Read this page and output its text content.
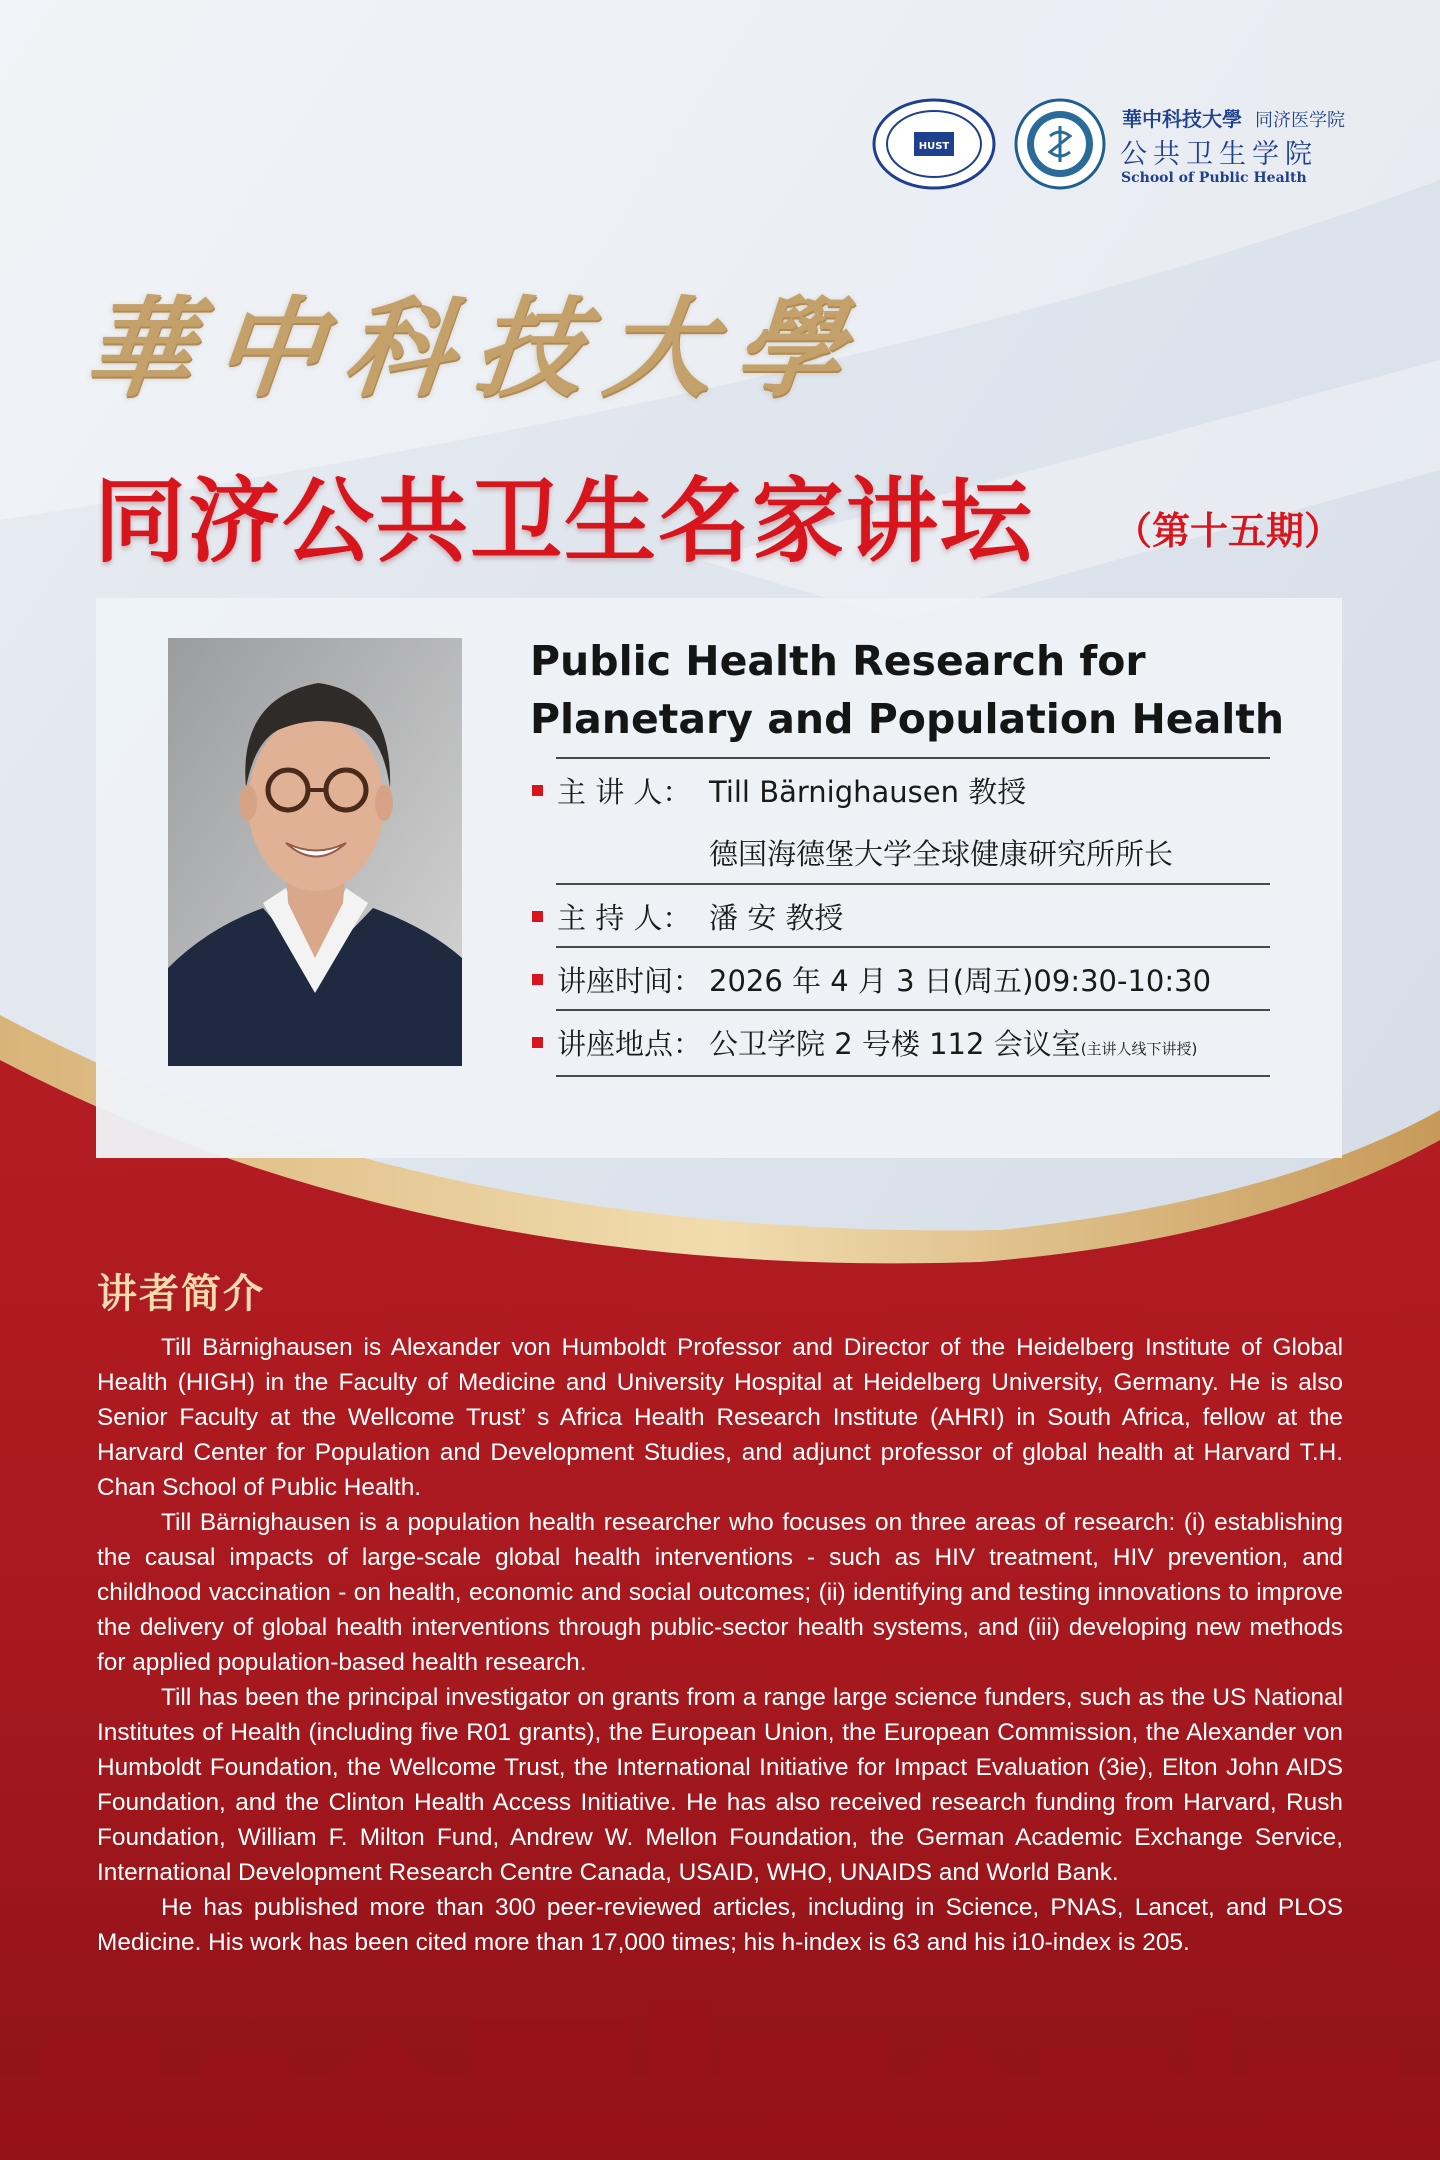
HUST
華中科技大學 同济医学院
公共卫生学院
School of Public Health
華中科技大學
同济公共卫生名家讲坛 （第十五期）
Public Health Research for Planetary and Population Health
主 讲 人： Till Bärnighausen 教授
德国海德堡大学全球健康研究所所长
主 持 人： 潘 安 教授
讲座时间： 2026 年 4 月 3 日(周五)09:30-10:30
讲座地点： 公卫学院 2 号楼 112 会议室(主讲人线下讲授)
讲者简介

Till Bärnighausen is Alexander von Humboldt Professor and Director of the Heidelberg Institute of Global Health (HIGH) in the Faculty of Medicine and University Hospital at Heidelberg University, Germany. He is also Senior Faculty at the Wellcome Trust’ s Africa Health Research Institute (AHRI) in South Africa, fellow at the Harvard Center for Population and Development Studies, and adjunct professor of global health at Harvard T.H. Chan School of Public Health.

Till Bärnighausen is a population health researcher who focuses on three areas of research: (i) establishing the causal impacts of large-scale global health interventions - such as HIV treatment, HIV prevention, and childhood vaccination - on health, economic and social outcomes; (ii) identifying and testing innovations to improve the delivery of global health interventions through public-sector health systems, and (iii) developing new methods for applied population-based health research.

Till has been the principal investigator on grants from a range large science funders, such as the US National Institutes of Health (including five R01 grants), the European Union, the European Commission, the Alexander von Humboldt Foundation, the Wellcome Trust, the International Initiative for Impact Evaluation (3ie), Elton John AIDS Foundation, and the Clinton Health Access Initiative. He has also received research funding from Harvard, Rush Foundation, William F. Milton Fund, Andrew W. Mellon Foundation, the German Academic Exchange Service, International Development Research Centre Canada, USAID, WHO, UNAIDS and World Bank.

He has published more than 300 peer-reviewed articles, including in Science, PNAS, Lancet, and PLOS Medicine. His work has been cited more than 17,000 times; his h-index is 63 and his i10-index is 205.
